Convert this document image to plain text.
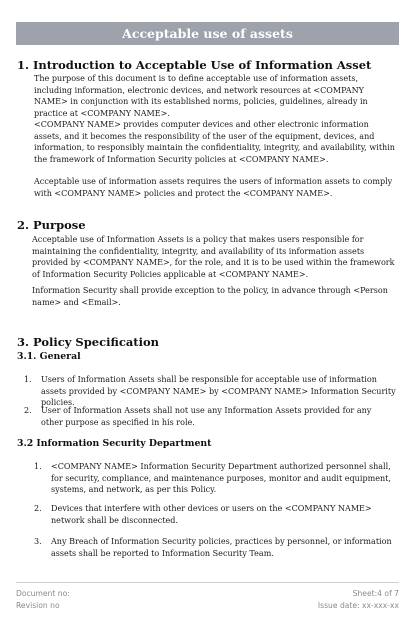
Acceptable use of assets
1. Introduction to Acceptable Use of Information Asset
The purpose of this document is to define acceptable use of information assets, including information, electronic devices, and network resources at <COMPANY NAME> in conjunction with its established norms, policies, guidelines, already in practice at <COMPANY NAME>.
<COMPANY NAME> provides computer devices and other electronic information assets, and it becomes the responsibility of the user of the equipment, devices, and information, to responsibly maintain the confidentiality, integrity, and availability, within the framework of Information Security policies at <COMPANY NAME>.
Acceptable use of information assets requires the users of information assets to comply with <COMPANY NAME> policies and protect the <COMPANY NAME>.
2. Purpose
Acceptable use of Information Assets is a policy that makes users responsible for maintaining the confidentiality, integrity, and availability of its information assets provided by <COMPANY NAME>, for the role, and it is to be used within the framework of Information Security Policies applicable at <COMPANY NAME>.
Information Security shall provide exception to the policy, in advance through <Person name> and <Email>.
3. Policy Specification
3.1. General
1. Users of Information Assets shall be responsible for acceptable use of information assets provided by <COMPANY NAME> by <COMPANY NAME> Information Security policies.
2. User of Information Assets shall not use any Information Assets provided for any other purpose as specified in his role.
3.2 Information Security Department
1. <COMPANY NAME> Information Security Department authorized personnel shall, for security, compliance, and maintenance purposes, monitor and audit equipment, systems, and network, as per this Policy.
2. Devices that interfere with other devices or users on the <COMPANY NAME> network shall be disconnected.
3. Any Breach of Information Security policies, practices by personnel, or information assets shall be reported to Information Security Team.
Document no:
Revision no
Sheet:4 of 7
Issue date: xx-xxx-xx
